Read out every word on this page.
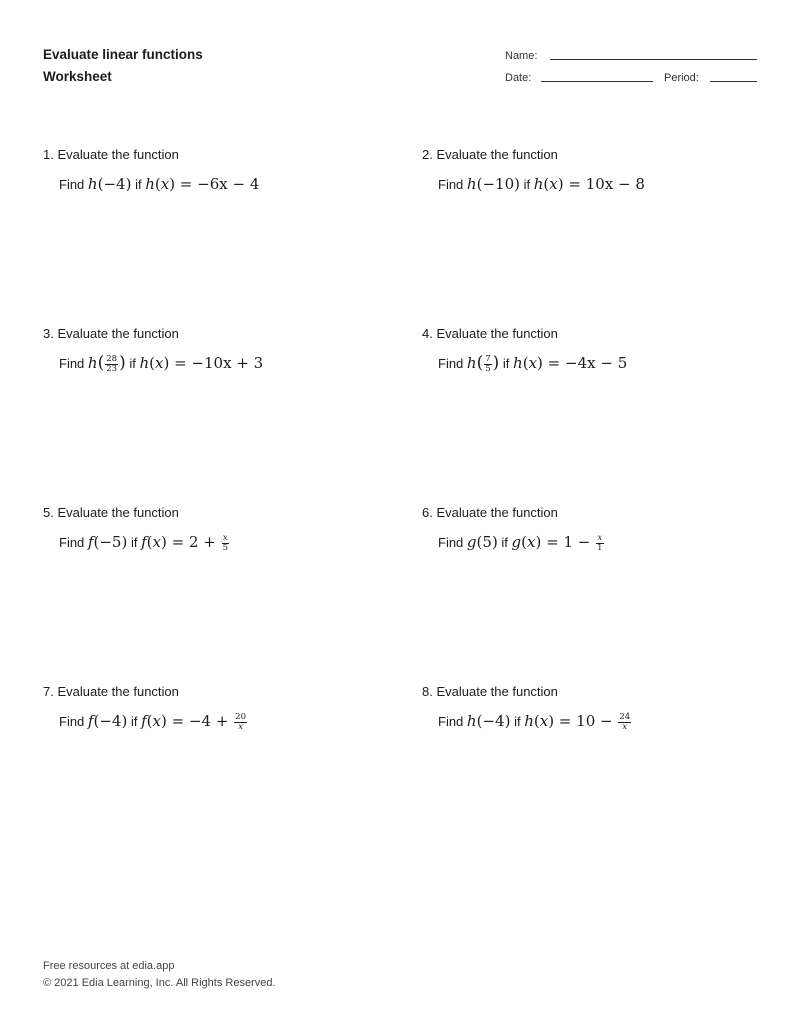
Evaluate linear functions
Worksheet
Name:
Date:	Period:
1. Evaluate the function
Find h(−4) if h(x) = −6x − 4
2. Evaluate the function
Find h(−10) if h(x) = 10x − 8
3. Evaluate the function
Find $h( \frac{28}{23}$ ) if h(x) = −10x + 3
4. Evaluate the function
Find $h( \frac{7}{5}$ ) if h(x) = −4x − 5
5. Evaluate the function
Find f(−5) if $f(x) = 2 + \frac{x}{5}$
6. Evaluate the function
Find g(5) if $g(x) = 1 - \frac{x}{1}$
7. Evaluate the function
Find f(−4) if $f(x) = -4 + \frac{20}{x}$
8. Evaluate the function
Find h(−4) if $h(x) = 10 - \frac{24}{x}$
Free resources at edia.app
© 2021 Edia Learning, Inc. All Rights Reserved.
